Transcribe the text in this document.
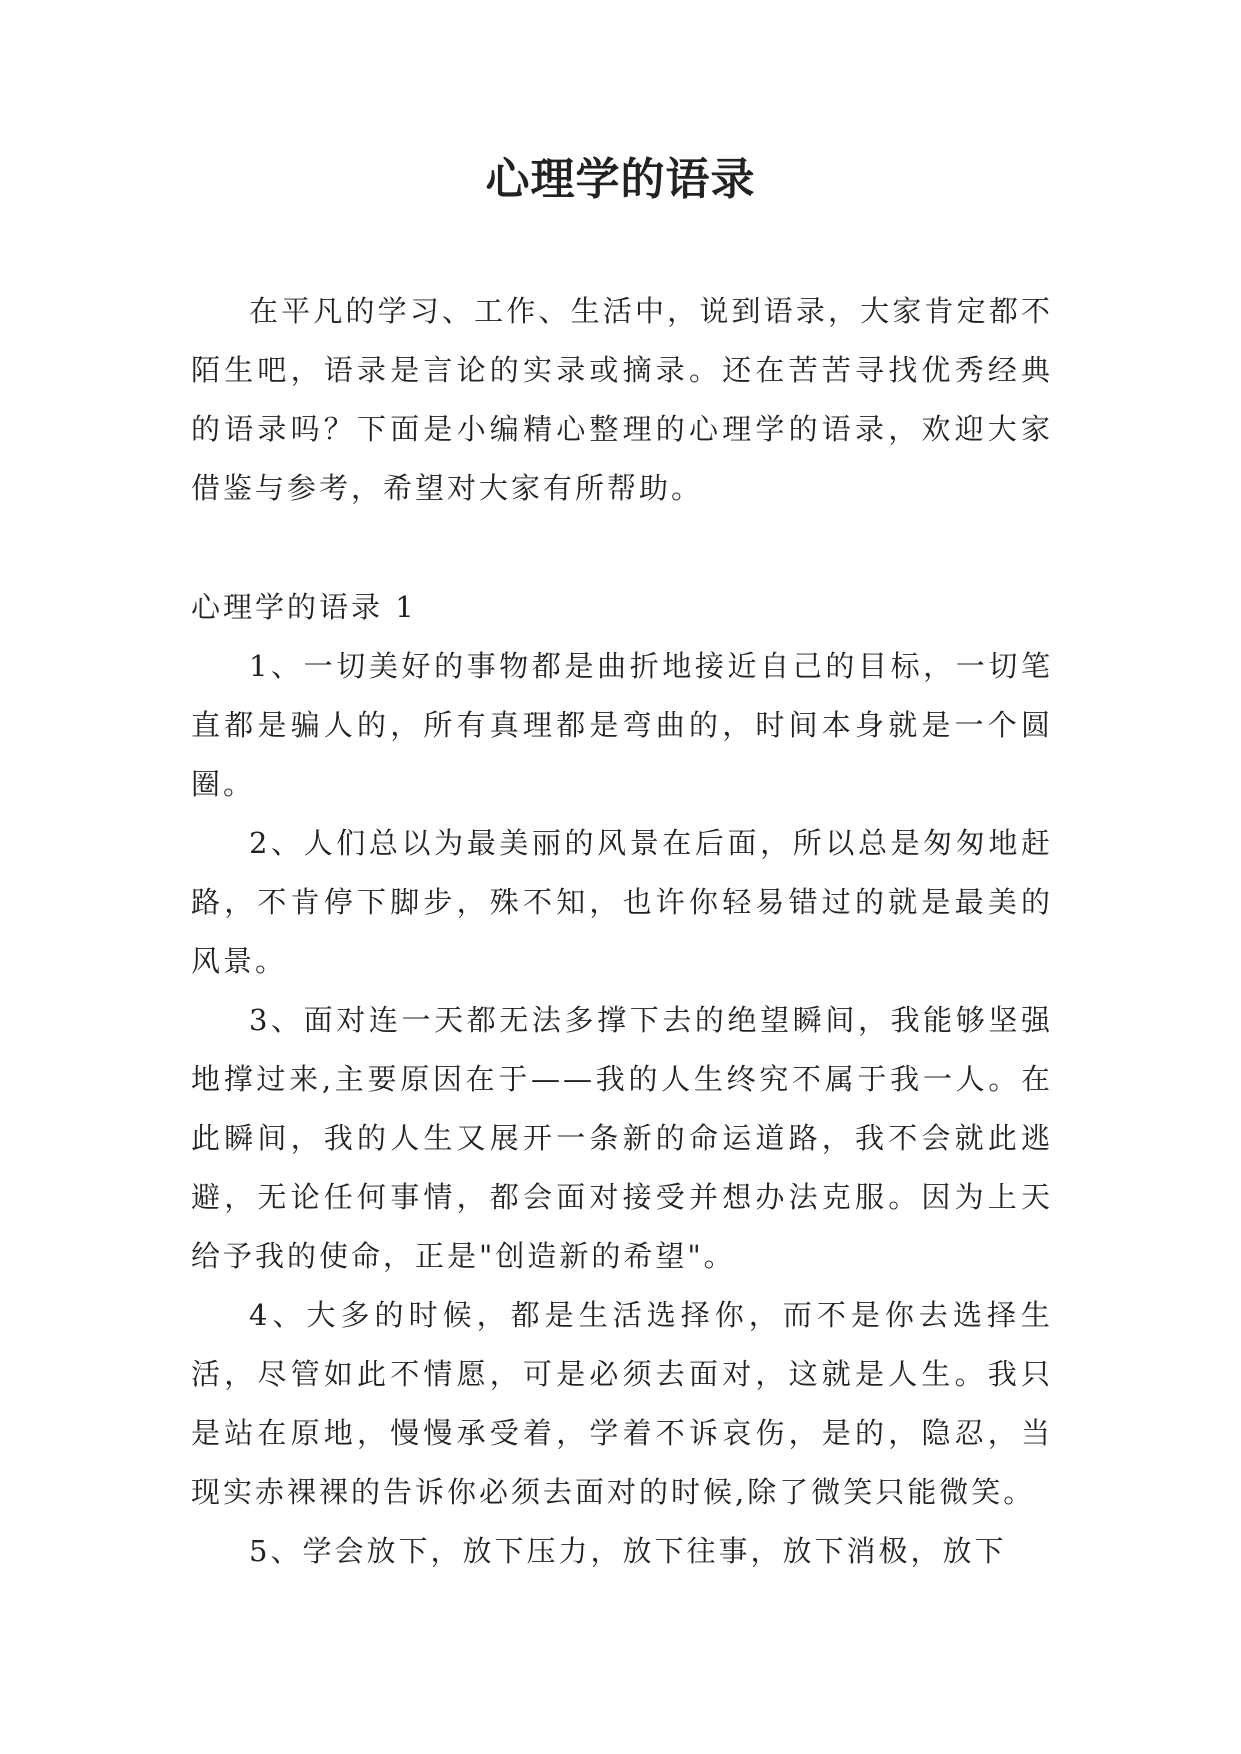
心理学的语录

在平凡的学习、工作、生活中，说到语录，大家肯定都不陌生吧，语录是言论的实录或摘录。还在苦苦寻找优秀经典的语录吗？下面是小编精心整理的心理学的语录，欢迎大家借鉴与参考，希望对大家有所帮助。

心理学的语录 1

1、一切美好的事物都是曲折地接近自己的目标，一切笔直都是骗人的，所有真理都是弯曲的，时间本身就是一个圆圈。

2、人们总以为最美丽的风景在后面，所以总是匆匆地赶路，不肯停下脚步，殊不知，也许你轻易错过的就是最美的风景。

3、面对连一天都无法多撑下去的绝望瞬间，我能够坚强地撑过来,主要原因在于——我的人生终究不属于我一人。在此瞬间，我的人生又展开一条新的命运道路，我不会就此逃避，无论任何事情，都会面对接受并想办法克服。因为上天给予我的使命，正是"创造新的希望"。

4、大多的时候，都是生活选择你，而不是你去选择生活，尽管如此不情愿，可是必须去面对，这就是人生。我只是站在原地，慢慢承受着，学着不诉哀伤，是的，隐忍，当现实赤裸裸的告诉你必须去面对的时候,除了微笑只能微笑。

5、学会放下，放下压力，放下往事，放下消极，放下
